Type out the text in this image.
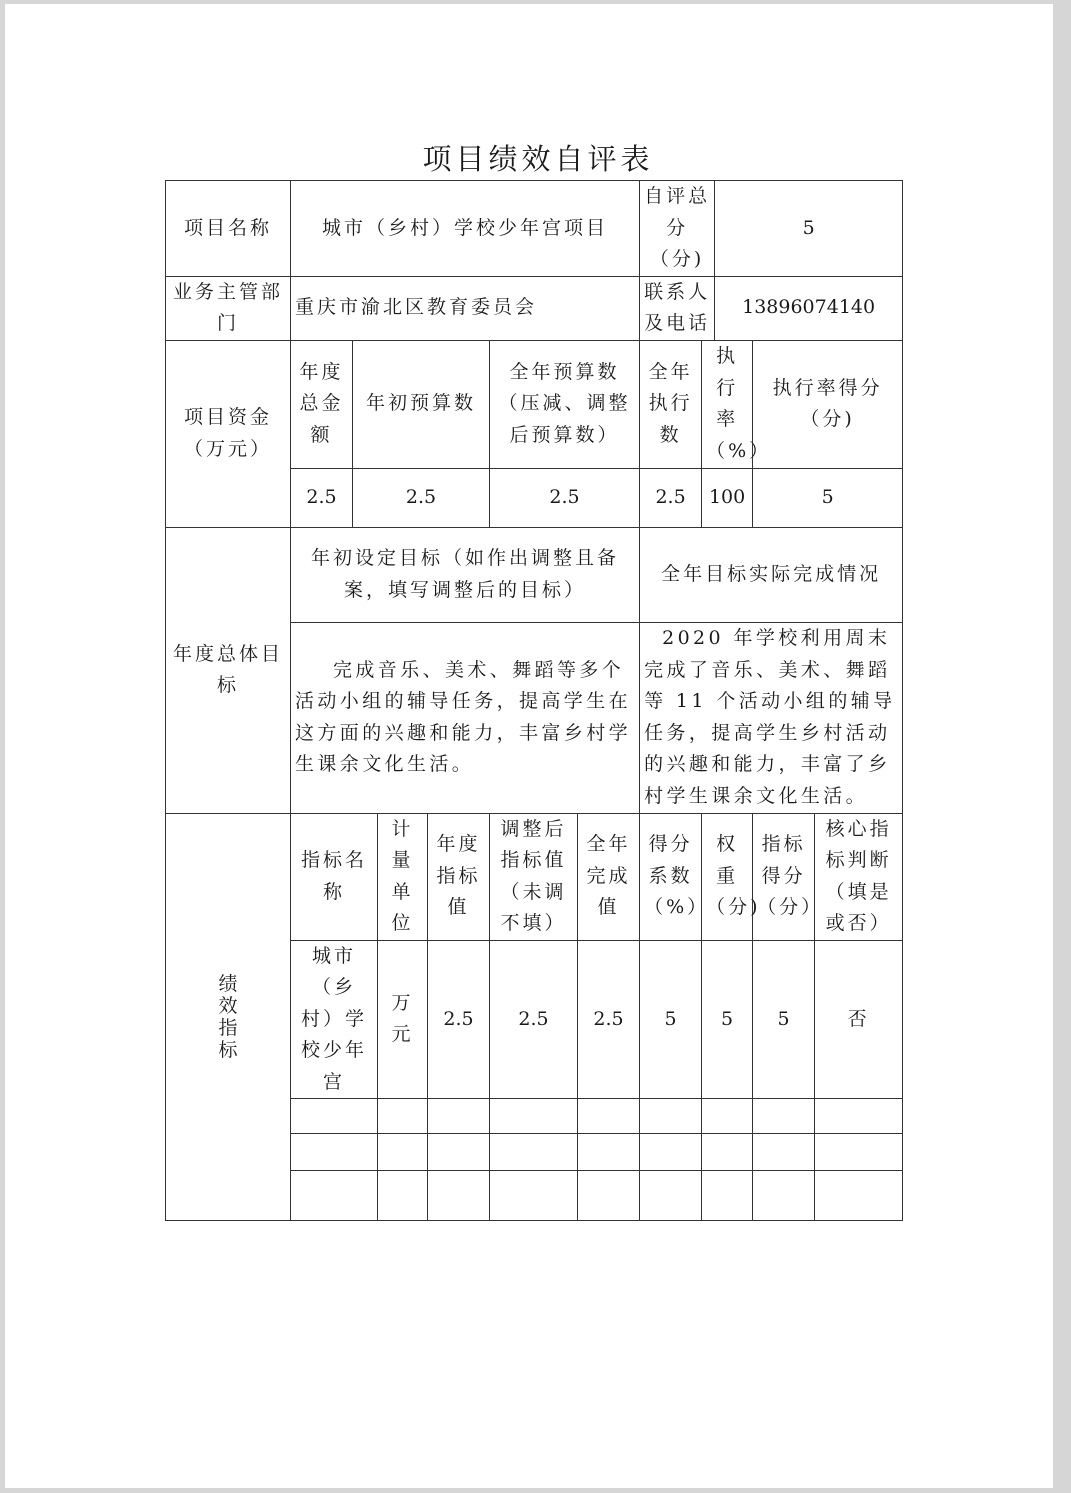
项目绩效自评表
项目名称	城市（乡村）学校少年宫项目						自评总分（分)		5		
业务主管部门	重庆市渝北区教育委员会						联系人及电话		13896074140		
项目资金（万元）	年度总金额	年初预算数			全年预算数（压减、调整后预算数）		全年执行数	执行率（%）		执行率得分（分)	
	2.5	2.5			2.5		2.5	100		5	
年度总体目标	年初设定目标（如作出调整且备案，填写调整后的目标）						全年目标实际完成情况				
	完成音乐、美术、舞蹈等多个活动小组的辅导任务，提高学生在这方面的兴趣和能力，丰富乡村学生课余文化生活。						2020 年学校利用周末完成了音乐、美术、舞蹈等 11 个活动小组的辅导任务，提高学生乡村活动的兴趣和能力，丰富了乡村学生课余文化生活。				

绩
效
指
标	指标名称		计量单位	年度指标值	调整后指标值（未调不填）	全年完成值	得分系数（%）	权重（分)		指标得分（分）	核心指标判断（填是或否）
	城市（乡村）学校少年宫		万元	2.5	2.5	2.5	5	5		5	否
